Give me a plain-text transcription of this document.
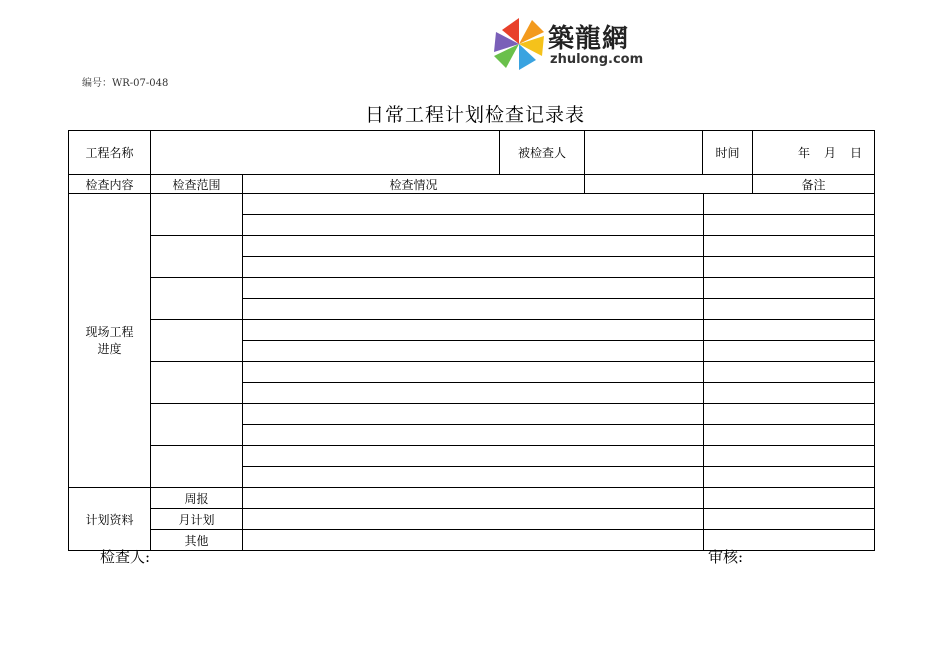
築龍網
zhulong.com
编号：WR-07-048
日常工程计划检查记录表
工程名称			被检查人		时间	年 月 日
检查内容	检查范围	检查情况				备注
现场工程进度			

计划资料	周报		
	月计划		
	其他		
检查人:	审核:
